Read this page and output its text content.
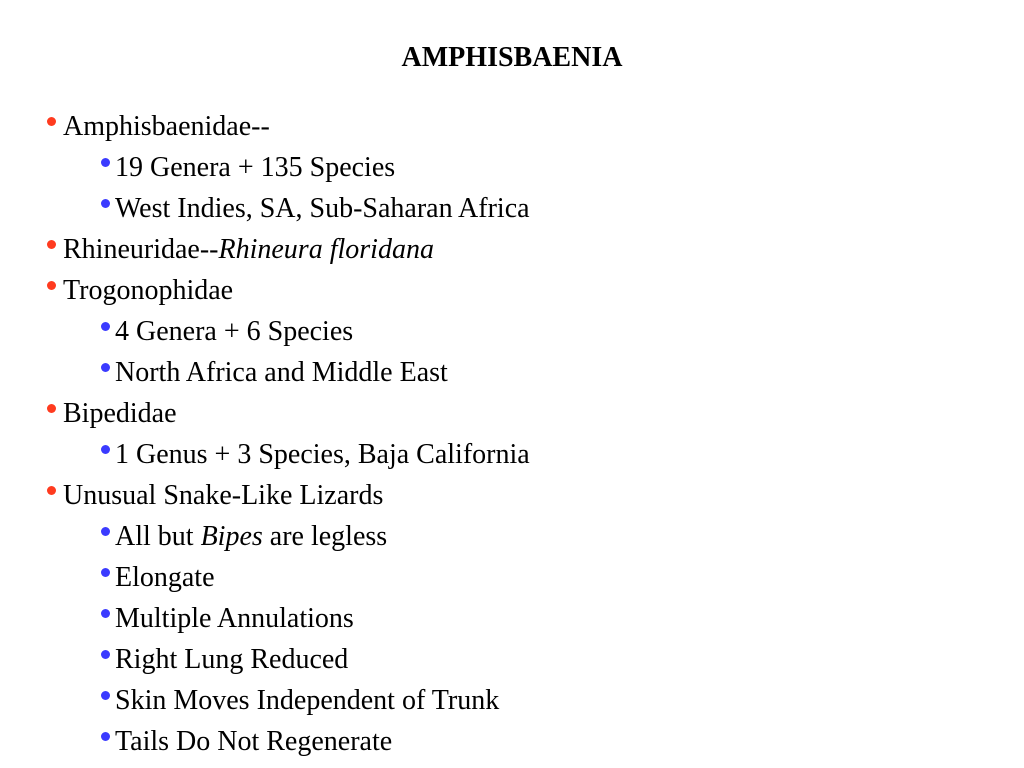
AMPHISBAENIA
Amphisbaenidae--
19 Genera + 135 Species
West Indies, SA, Sub-Saharan Africa
Rhineuridae--Rhineura floridana
Trogonophidae
4 Genera + 6 Species
North Africa and Middle East
Bipedidae
1 Genus + 3 Species, Baja California
Unusual Snake-Like Lizards
All but Bipes are legless
Elongate
Multiple Annulations
Right Lung Reduced
Skin Moves Independent of Trunk
Tails Do Not Regenerate
